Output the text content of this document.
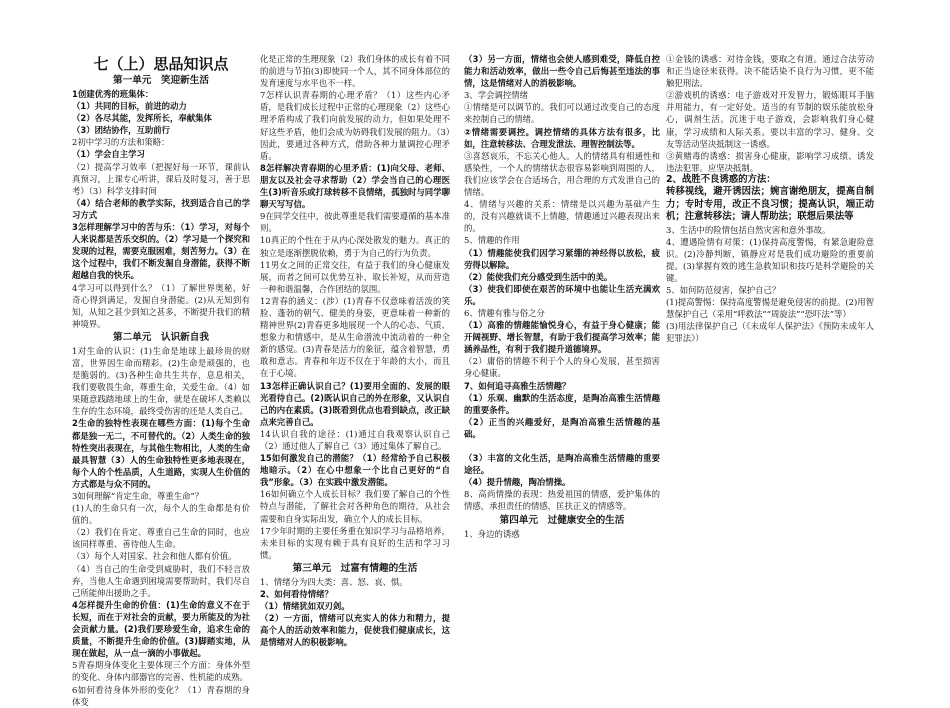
七（上）思品知识点
第一单元　笑迎新生活
1创建优秀的班集体：
（1）共同的目标，前进的动力
（2）各尽其能，发挥所长，奉献集体
（3）团结协作，互助前行
2初中学习的方法和策略：
（1）学会自主学习
（2）提高学习效率（把握好每一环节，课前认真预习，上课专心听讲，课后及时复习，善于思考）（3）科学支排时间
（4）结合老师的教学实际，找到适合自己的学习方式
3怎样理解学习中的苦与乐：（1）学习，对每个人来说都是苦乐交织的。（2）学习是一个探究和发现的过程，需要克服困难，刻苦努力。（3）在这个过程中，我们不断发掘自身潜能，获得不断超越自我的快乐。
4学习可以得到什么？（1）了解世界奥秘，好奇心得到满足，发掘自身潜能。(2)从无知到有知，从知之甚少到知之甚多，不断提升我们的精神境界。
第二单元　认识新自我
1对生命的认识：(1)生命是地球上最珍贵的财富，世界因生命而精彩。(2)生命是顽强的，也是脆弱的。(3)各种生命共生共存，息息相关，我们要敬畏生命，尊重生命，关爱生命。（4）如果随意践踏地球上的生命，就是在破坏人类赖以生存的生态环境，最终受伤害的还是人类自己。
2生命的独特性表现在哪些方面：(1)每个生命都是独一无二，不可替代的。（2）人类生命的独特性突出表现在，与其他生物相比，人类的生命最具智慧（3）人的生命独特性更多地表现在，每个人的个性品质，人生道路，实现人生价值的方式都是与众不同的。
3如何理解“肯定生命，尊重生命”？
(1)人的生命只有一次，每个人的生命都是有价值的。
（2）我们在肯定、尊重自己生命的同时，也应该同样尊重、善待他人生命。
（3）每个人对国家、社会和他人都有价值。
（4）当自己的生命受到威胁时，我们不轻言放弃，当他人生命遇到困境需要帮助时，我们尽自己所能伸出援助之手。
4怎样提升生命的价值：(1)生命的意义不在于长短，而在于对社会的贡献，要力所能及的为社会贡献力量。(2)我们要珍爱生命，追求生命的质量，不断提升生命的价值。(3)脚踏实地，从现在做起，从一点一滴的小事做起。
5青春期身体变化主要体现三个方面：身体外型的变化、身体内部器官的完善、性机能的成熟。
6如何看待身体外形的变化？（1）青春期的身体变
化是正常的生理现象（2）我们身体的成长有着不同的前进与节拍(3)即使同一个人，其不同身体部位的发育速度与水平也不一样。
7怎样认识青春期的心理矛盾？（1）这些内心矛盾，是我们成长过程中正常的心理现象（2）这些心理矛盾构成了我们向前发展的动力，但如果处理不好这些矛盾，他们会成为妨碍我们发展的阻力。（3）因此，要通过各种方式，借助各种力量调控心理矛盾。
8怎样解决青春期的心里矛盾：(1)向父母、老师、朋友以及社会寻求帮助（2）学会当自己的心理医生(3)听音乐或打球转移不良情绪，孤独时与同学聊聊天写写信。
9在同学交往中，彼此尊重是我们需要遵循的基本准则。
10真正的个性在于从内心深处散发的魅力。真正的独立是逐渐摆脱依赖，勇于为自己的行为负责。
11男女之间的正常交往，有益于我们的身心健康发展，而者之间可以优势互补，取长补短，从而营造一种和谐温馨，合作团结的氛围。
12青春的涵义：(涉）(1)青春不仅意味着活泼的笑脸、蓬勃的朝气、健美的身姿，更意味着一种新的精神世界(2)青春更多地展现一个人的心态、气质、想象力和情感中，是从生命潜流中流动着的一种全新的感觉。(3)青春是活力的象征，蕴含着智慧，勇敢和意志。青春和年迈不仅在于年龄的大小，而且在于心境。
13怎样正确认识自己？(1)要用全面的、发展的眼光看待自己。(2)既认识自己的外在形象，又认识自己的内在素质。(3)既看到优点也看到缺点，改正缺点来完善自己。
14认识自我的途径：(1)通过自我观察认识自己（2）通过他人了解自己（3）通过集体了解自己。
15如何激发自己的潜能？（1）经常给予自己积极地暗示。（2）在心中想象一个比自己更好的“自我”形象。（3）在实践中激发潜能。
16如何确立个人成长目标？我们要了解自己的个性特点与潜能，了解社会对各种角色的期待，从社会需要和自身实际出发，确立个人的成长目标。
17少年时期的主要任务重在知识学习与品格培养，未来目标的实现有赖于具有良好的生活和学习习惯。
第三单元　过富有情趣的生活
1、情绪分为四大类：喜、怒、哀、惧。
2、如何看待情绪？
（1）情绪犹如双刃剑。
（2）一方面，情绪可以充实人的体力和精力，提高个人的活动效率和能力，促使我们健康成长，这是情绪对人的积极影响。
（3）另一方面，情绪也会使人感到难受，降低自控能力和活动效率，做出一些令自己后悔甚至违法的事情，这是情绪对人的消极影响。
3、学会调控情绪
①情绪是可以调节的。我们可以通过改变自己的态度来控制自己的情绪。
②情绪需要调控。调控情绪的具体方法有很多，比如，注意转移法、合理发泄法、理智控制法等。
③喜怒哀乐，不忘关心他人。人的情绪具有相通性和感染性，一个人的情绪状态很容易影响到周围的人，我们应该学会在合适场合，用合理的方式发泄自己的情绪。
4、情绪与兴趣的关系：情绪是以兴趣为基础产生的，没有兴趣就谈不上情趣，情趣通过兴趣表现出来的。
5、情趣的作用
（1）情趣能使我们因学习紧绷的神经得以放松，疲劳得以解除。
（2）能使我们充分感受到生活中的美。
（3）使我们即使在艰苦的环境中也能让生活充满欢乐。
6、情趣有雅与俗之分
（1）高雅的情趣能愉悦身心，有益于身心健康；能开阔视野、增长智慧，有助于我们提高学习效率；能涵养品性，有利于我们提升道德境界。
（2）庸俗的情趣不利于个人的身心发展，甚至损害身心健康。
7、如何追寻高雅生活情趣？
（1）乐观、幽默的生活态度，是陶冶高雅生活情趣的重要条件。
（2）正当的兴趣爱好，是陶冶高雅生活情趣的基础。

（3）丰富的文化生活，是陶冶高雅生活情趣的重要途径。
（4）提升情趣，陶冶情操。
8、高尚情操的表现：热爱祖国的情感，爱护集体的情感，承担责任的情感，匡扶正义的情感等。
第四单元　过健康安全的生活
1、身边的诱惑
①金钱的诱惑：对待金钱，要取之有道。通过合法劳动和正当途径来获得。决不能话染不良行为习惯，更不能触犯刑法。
②游戏机的诱惑：电子游戏对开发智力，锻炼眼耳手脑并用能力，有一定好处。适当的有节制的娱乐能放松身心，调剂生活。沉迷于电子游戏，会影响我们身心健康，学习成绩和人际关系。要以丰富的学习、健身、交友等活动坚决抵制这一诱惑。
③黄赌毒的诱惑：损害身心健康，影响学习成绩、诱发违法犯罪。应坚决抵制。
2、战胜不良诱惑的方法：
转移视线，避开诱因法；婉言谢绝朋友，提高自制力；专时专用，改正不良习惯；提高认识，端正动机；注意转移法；请人帮助法；联想后果法等
3、生活中的险情包括自然灾害和意外事故。
4、遭遇险情有对策：(1)保持高度警惕，有紧急避险意识。(2)冷静判断，镇静应对是我们成功避险的重要前提。(3)掌握有效的逃生急救知识和技巧是科学避险的关键。
5、如何防范侵害，保护自己？
(1)提高警惕：保持高度警惕是避免侵害的前提。(2)用智慧保护自己（采用“呼救法”“周旋法”“恐吓法”等）
(3)用法律保护自己（《未成年人保护法》《预防未成年人犯罪法》）
